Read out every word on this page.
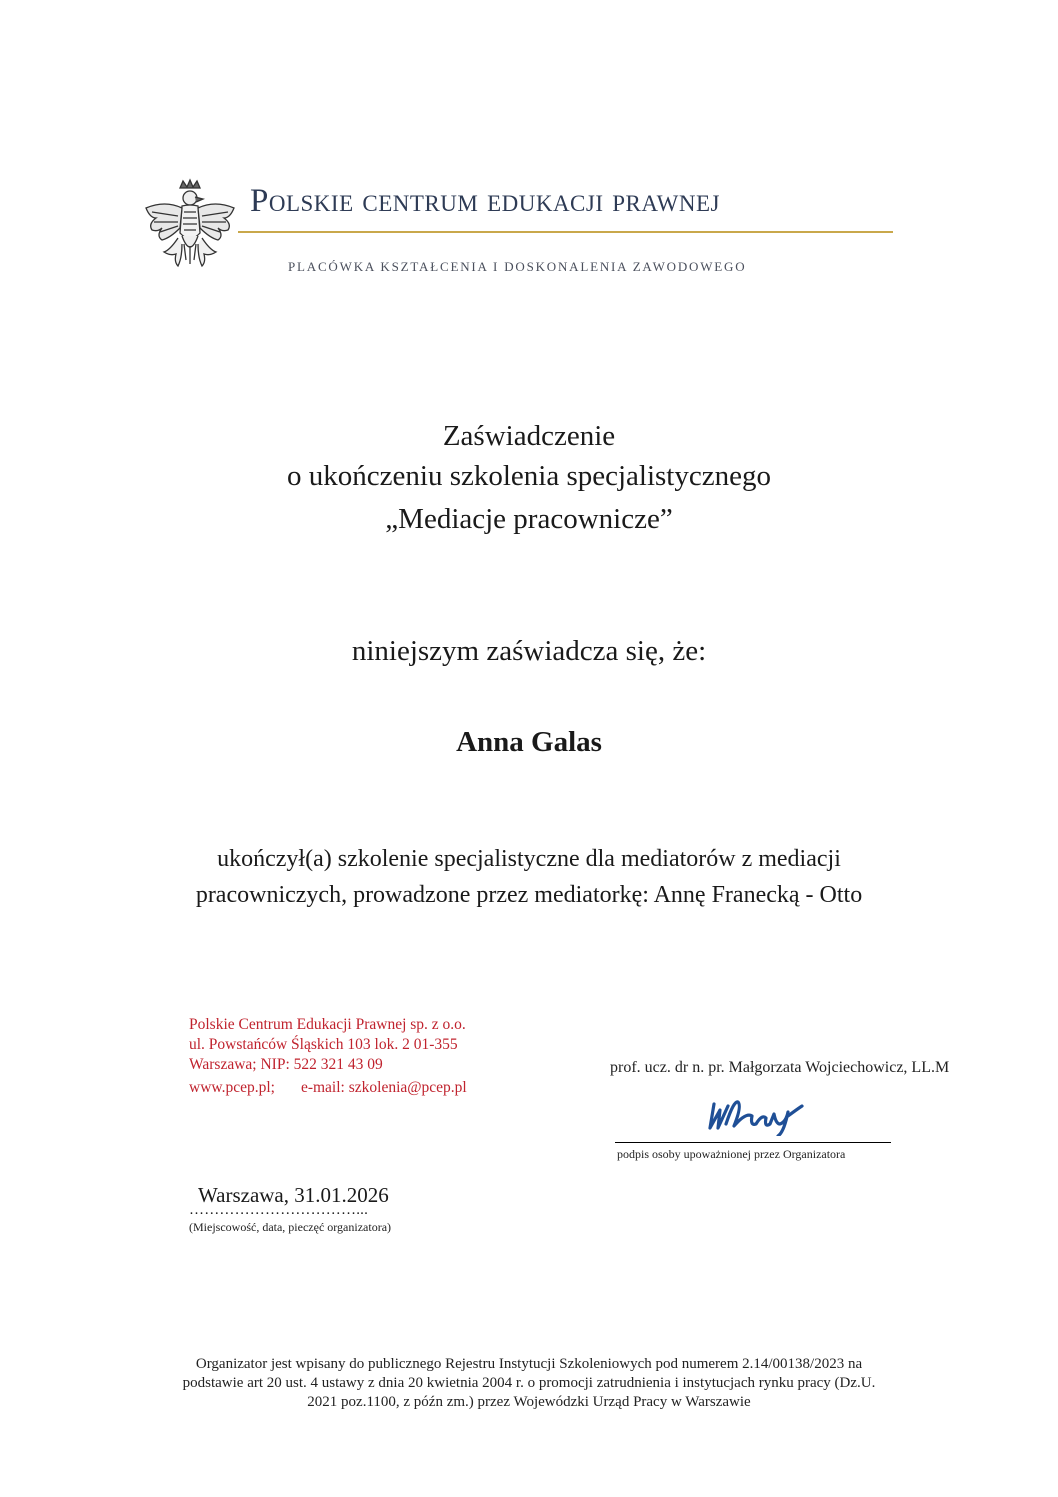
Polskie centrum edukacji prawnej
PLACÓWKA KSZTAŁCENIA I DOSKONALENIA ZAWODOWEGO
Zaświadczenie
o ukończeniu szkolenia specjalistycznego
„Mediacje pracownicze”
niniejszym zaświadcza się, że:
Anna Galas
ukończył(a) szkolenie specjalistyczne dla mediatorów z mediacji
pracowniczych, prowadzone przez mediatorkę: Annę Franecką - Otto
Polskie Centrum Edukacji Prawnej sp. z o.o.
ul. Powstańców Śląskich 103 lok. 2 01-355
Warszawa; NIP: 522 321 43 09
www.pcep.pl; e-mail: szkolenia@pcep.pl
prof. ucz. dr n. pr. Małgorzata Wojciechowicz, LL.M
podpis osoby upoważnionej przez Organizatora
Warszawa, 31.01.2026
……………………………...
(Miejscowość, data, pieczęć organizatora)
Organizator jest wpisany do publicznego Rejestru Instytucji Szkoleniowych pod numerem 2.14/00138/2023 na
podstawie art 20 ust. 4 ustawy z dnia 20 kwietnia 2004 r. o promocji zatrudnienia i instytucjach rynku pracy (Dz.U.
2021 poz.1100, z późn zm.) przez Wojewódzki Urząd Pracy w Warszawie
